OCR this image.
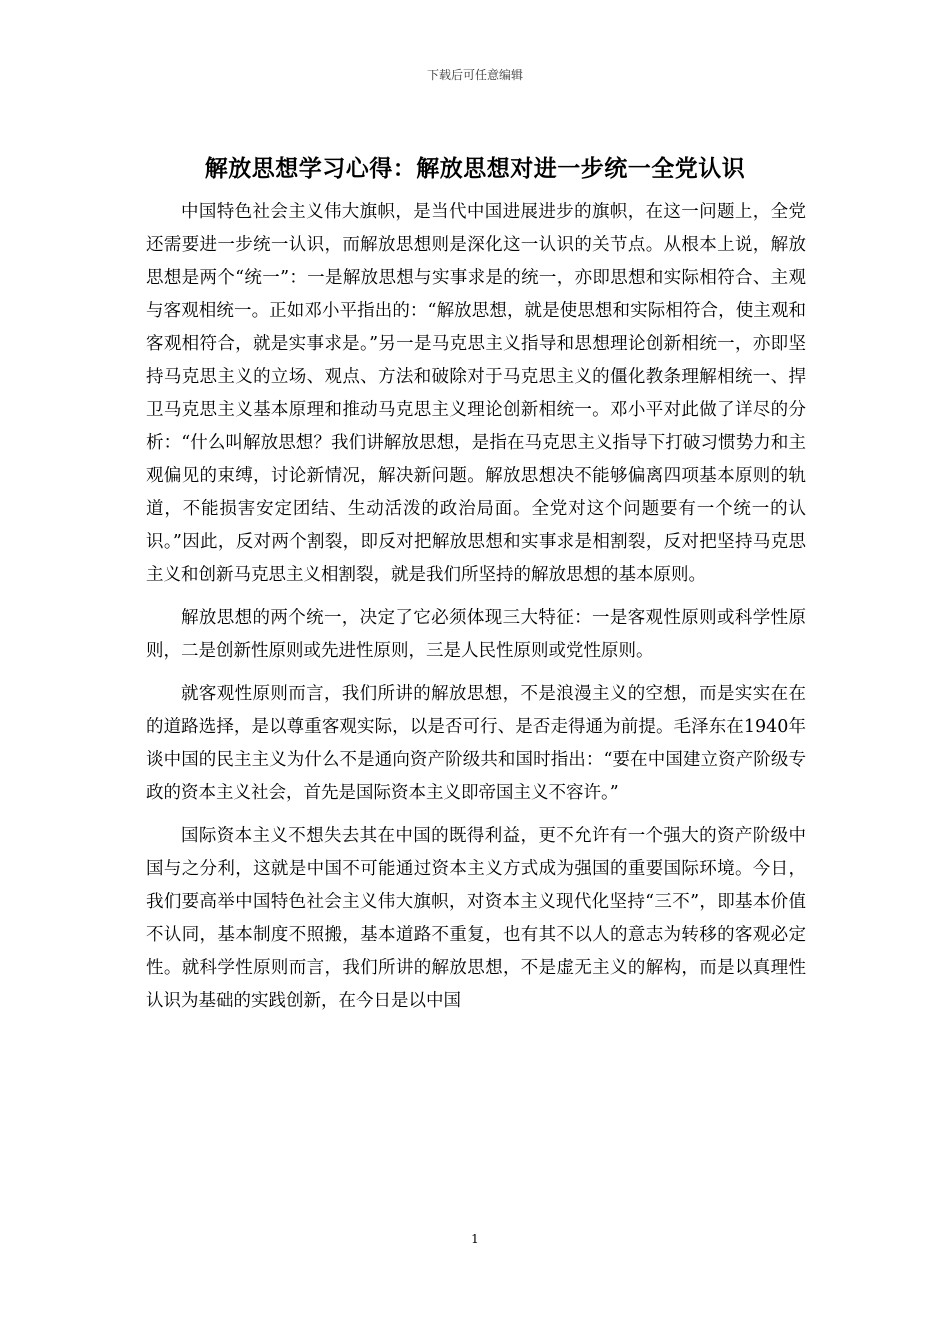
下载后可任意编辑
解放思想学习心得：解放思想对进一步统一全党认识

中国特色社会主义伟大旗帜，是当代中国进展进步的旗帜，在这一问题上，全党还需要进一步统一认识，而解放思想则是深化这一认识的关节点。从根本上说，解放思想是两个“统一”：一是解放思想与实事求是的统一，亦即思想和实际相符合、主观与客观相统一。正如邓小平指出的：“解放思想，就是使思想和实际相符合，使主观和客观相符合，就是实事求是。”另一是马克思主义指导和思想理论创新相统一，亦即坚持马克思主义的立场、观点、方法和破除对于马克思主义的僵化教条理解相统一、捍卫马克思主义基本原理和推动马克思主义理论创新相统一。邓小平对此做了详尽的分析：“什么叫解放思想？我们讲解放思想，是指在马克思主义指导下打破习惯势力和主观偏见的束缚，讨论新情况，解决新问题。解放思想决不能够偏离四项基本原则的轨道，不能损害安定团结、生动活泼的政治局面。全党对这个问题要有一个统一的认识。”因此，反对两个割裂，即反对把解放思想和实事求是相割裂，反对把坚持马克思主义和创新马克思主义相割裂，就是我们所坚持的解放思想的基本原则。

解放思想的两个统一，决定了它必须体现三大特征：一是客观性原则或科学性原则，二是创新性原则或先进性原则，三是人民性原则或党性原则。

就客观性原则而言，我们所讲的解放思想，不是浪漫主义的空想，而是实实在在的道路选择，是以尊重客观实际，以是否可行、是否走得通为前提。毛泽东在1940年谈中国的民主主义为什么不是通向资产阶级共和国时指出：“要在中国建立资产阶级专政的资本主义社会，首先是国际资本主义即帝国主义不容许。”

国际资本主义不想失去其在中国的既得利益，更不允许有一个强大的资产阶级中国与之分利，这就是中国不可能通过资本主义方式成为强国的重要国际环境。今日，我们要高举中国特色社会主义伟大旗帜，对资本主义现代化坚持“三不”，即基本价值不认同，基本制度不照搬，基本道路不重复，也有其不以人的意志为转移的客观必定性。就科学性原则而言，我们所讲的解放思想，不是虚无主义的解构，而是以真理性认识为基础的实践创新，在今日是以中国

1
